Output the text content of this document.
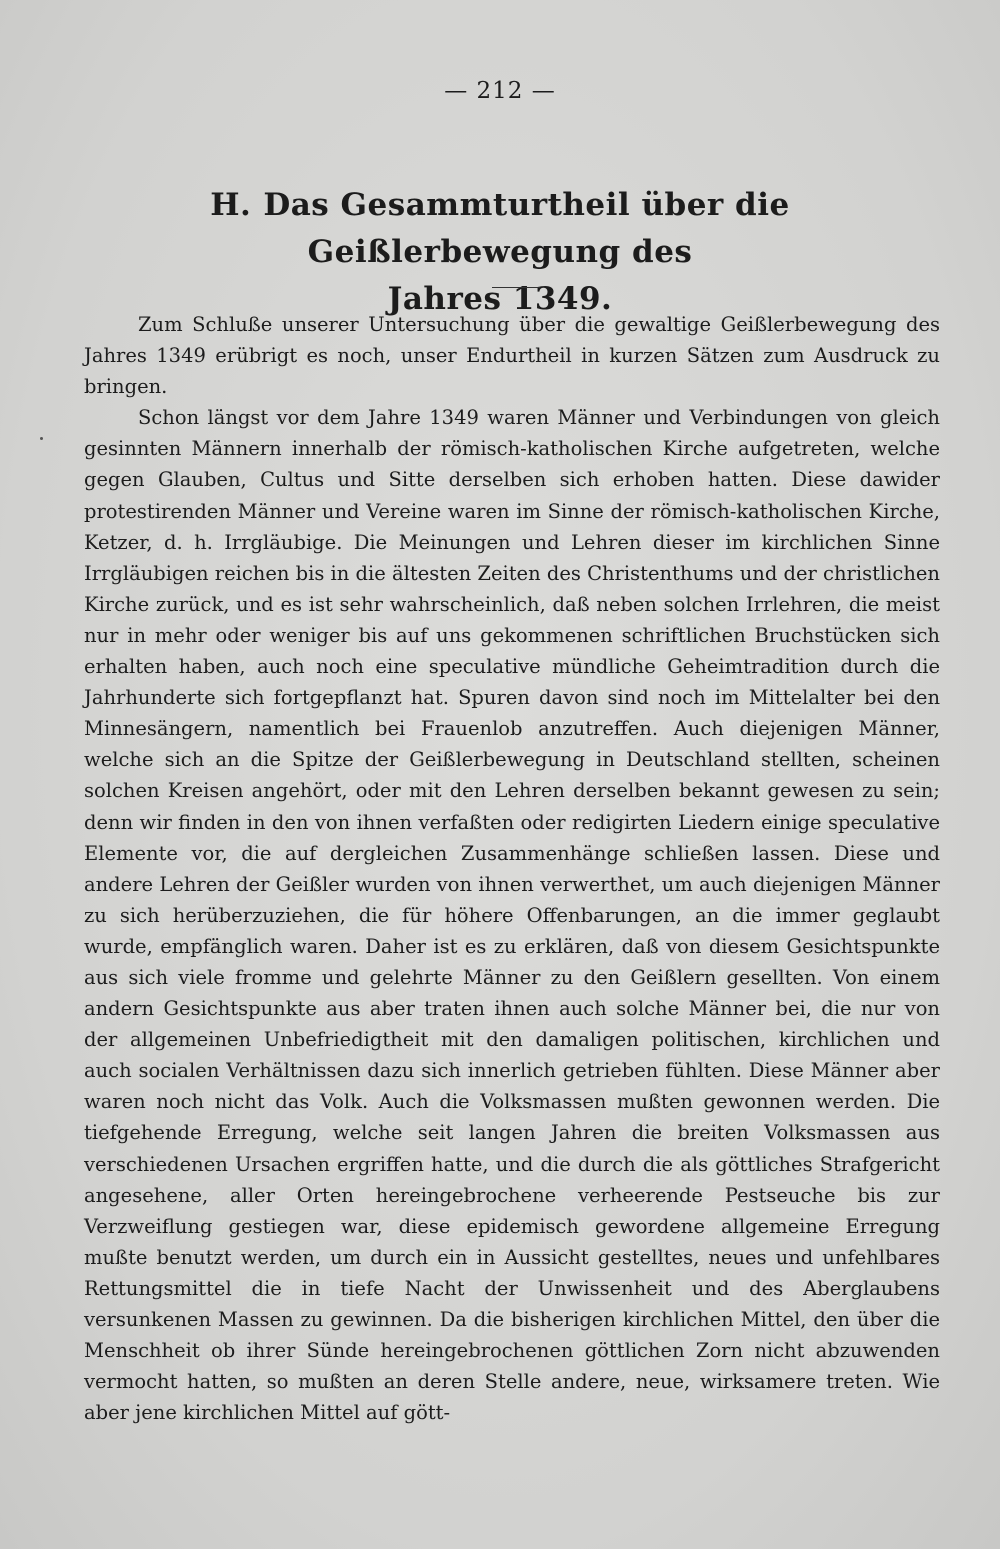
— 212 —
H. Das Gesammturtheil über die Geißlerbewegung des
Jahres 1349.

Zum Schluße unserer Untersuchung über die gewaltige Geißlerbewegung des Jahres 1349 erübrigt es noch, unser Endurtheil in kurzen Sätzen zum Ausdruck zu bringen.

Schon längst vor dem Jahre 1349 waren Männer und Verbindungen von gleich gesinnten Männern innerhalb der römisch-katholischen Kirche aufgetreten, welche gegen Glauben, Cultus und Sitte derselben sich erhoben hatten. Diese dawider protestirenden Männer und Vereine waren im Sinne der römisch-katholischen Kirche, Ketzer, d. h. Irrgläubige. Die Meinungen und Lehren dieser im kirchlichen Sinne Irrgläubigen reichen bis in die ältesten Zeiten des Christenthums und der christlichen Kirche zurück, und es ist sehr wahrscheinlich, daß neben solchen Irrlehren, die meist nur in mehr oder weniger bis auf uns gekommenen schriftlichen Bruchstücken sich erhalten haben, auch noch eine speculative mündliche Geheimtradition durch die Jahrhunderte sich fortgepflanzt hat. Spuren davon sind noch im Mittelalter bei den Minnesängern, namentlich bei Frauenlob anzutreffen. Auch diejenigen Männer, welche sich an die Spitze der Geißlerbewegung in Deutschland stellten, scheinen solchen Kreisen angehört, oder mit den Lehren derselben bekannt gewesen zu sein; denn wir finden in den von ihnen verfaßten oder redigirten Liedern einige speculative Elemente vor, die auf dergleichen Zusammenhänge schließen lassen. Diese und andere Lehren der Geißler wurden von ihnen verwerthet, um auch diejenigen Männer zu sich herüberzuziehen, die für höhere Offenbarungen, an die immer geglaubt wurde, empfänglich waren. Daher ist es zu erklären, daß von diesem Gesichtspunkte aus sich viele fromme und gelehrte Männer zu den Geißlern gesellten. Von einem andern Gesichtspunkte aus aber traten ihnen auch solche Männer bei, die nur von der allgemeinen Unbefriedigtheit mit den damaligen politischen, kirchlichen und auch socialen Verhältnissen dazu sich innerlich getrieben fühlten. Diese Männer aber waren noch nicht das Volk. Auch die Volksmassen mußten gewonnen werden. Die tiefgehende Erregung, welche seit langen Jahren die breiten Volksmassen aus verschiedenen Ursachen ergriffen hatte, und die durch die als göttliches Strafgericht angesehene, aller Orten hereingebrochene verheerende Pestseuche bis zur Verzweiflung gestiegen war, diese epidemisch gewordene allgemeine Erregung mußte benutzt werden, um durch ein in Aussicht gestelltes, neues und unfehlbares Rettungsmittel die in tiefe Nacht der Unwissenheit und des Aberglaubens versunkenen Massen zu gewinnen. Da die bisherigen kirchlichen Mittel, den über die Menschheit ob ihrer Sünde hereingebrochenen göttlichen Zorn nicht abzuwenden vermocht hatten, so mußten an deren Stelle andere, neue, wirksamere treten. Wie aber jene kirchlichen Mittel auf gött-
